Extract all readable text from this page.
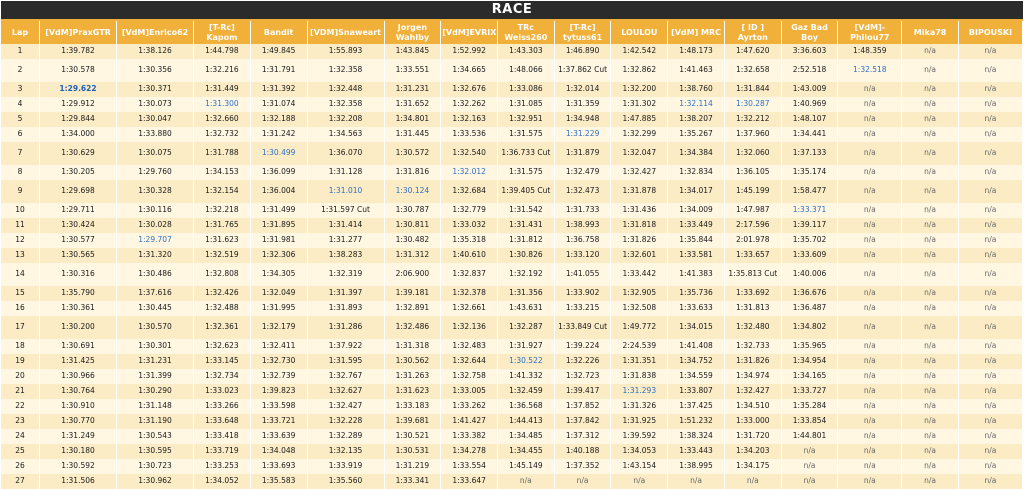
RACE
Lap	[VdM]PraxGTR	[VdM]Enrico62	[T-Rc] Kapom	Bandit	[VDM]Snaweart	Jorgen Wahlby	[VdM]EVRIX	TRc Weiss260	[T-Rc] tytuss61	LOULOU	[VdM] MRC	[ ID ] Ayrton	Gaz Bad Boy	[VdM]- Philou77	Mika78	BIPOUSKI
1	1:39.782	1:38.126	1:44.798	1:49.845	1:55.893	1:43.845	1:52.992	1:43.303	1:46.890	1:42.542	1:48.173	1:47.620	3:36.603	1:48.359	n/a	n/a
2	1:30.578	1:30.356	1:32.216	1:31.791	1:32.358	1:33.551	1:34.665	1:48.066	1:37.862 Cut	1:32.862	1:41.463	1:32.658	2:52.518	1:32.518	n/a	n/a
3	1:29.622	1:30.371	1:31.449	1:31.392	1:32.448	1:31.231	1:32.676	1:33.086	1:32.014	1:32.200	1:38.760	1:31.844	1:43.009	n/a	n/a	n/a
4	1:29.912	1:30.073	1:31.300	1:31.074	1:32.358	1:31.652	1:32.262	1:31.085	1:31.359	1:31.302	1:32.114	1:30.287	1:40.969	n/a	n/a	n/a
5	1:29.844	1:30.047	1:32.660	1:32.188	1:32.208	1:34.801	1:32.163	1:32.951	1:34.948	1:47.885	1:38.207	1:32.212	1:48.107	n/a	n/a	n/a
6	1:34.000	1:33.880	1:32.732	1:31.242	1:34.563	1:31.445	1:33.536	1:31.575	1:31.229	1:32.299	1:35.267	1:37.960	1:34.441	n/a	n/a	n/a
7	1:30.629	1:30.075	1:31.788	1:30.499	1:36.070	1:30.572	1:32.540	1:36.733 Cut	1:31.879	1:32.047	1:34.384	1:32.060	1:37.133	n/a	n/a	n/a
8	1:30.205	1:29.760	1:34.153	1:36.099	1:31.128	1:31.816	1:32.012	1:31.575	1:32.479	1:32.427	1:32.834	1:36.105	1:35.174	n/a	n/a	n/a
9	1:29.698	1:30.328	1:32.154	1:36.004	1:31.010	1:30.124	1:32.684	1:39.405 Cut	1:32.473	1:31.878	1:34.017	1:45.199	1:58.477	n/a	n/a	n/a
10	1:29.711	1:30.116	1:32.218	1:31.499	1:31.597 Cut	1:30.787	1:32.779	1:31.542	1:31.733	1:31.436	1:34.009	1:47.987	1:33.371	n/a	n/a	n/a
11	1:30.424	1:30.028	1:31.765	1:31.895	1:31.414	1:30.811	1:33.032	1:31.431	1:38.993	1:31.818	1:33.449	2:17.596	1:39.117	n/a	n/a	n/a
12	1:30.577	1:29.707	1:31.623	1:31.981	1:31.277	1:30.482	1:35.318	1:31.812	1:36.758	1:31.826	1:35.844	2:01.978	1:35.702	n/a	n/a	n/a
13	1:30.565	1:31.320	1:32.519	1:32.306	1:38.283	1:31.312	1:40.610	1:30.826	1:33.120	1:32.601	1:33.581	1:33.657	1:33.609	n/a	n/a	n/a
14	1:30.316	1:30.486	1:32.808	1:34.305	1:32.319	2:06.900	1:32.837	1:32.192	1:41.055	1:33.442	1:41.383	1:35.813 Cut	1:40.006	n/a	n/a	n/a
15	1:35.790	1:37.616	1:32.426	1:32.049	1:31.397	1:39.181	1:32.378	1:31.356	1:33.902	1:32.905	1:35.736	1:33.692	1:36.676	n/a	n/a	n/a
16	1:30.361	1:30.445	1:32.488	1:31.995	1:31.893	1:32.891	1:32.661	1:43.631	1:33.215	1:32.508	1:33.633	1:31.813	1:36.487	n/a	n/a	n/a
17	1:30.200	1:30.570	1:32.361	1:32.179	1:31.286	1:32.486	1:32.136	1:32.287	1:33.849 Cut	1:49.772	1:34.015	1:32.480	1:34.802	n/a	n/a	n/a
18	1:30.691	1:30.301	1:32.623	1:32.411	1:37.922	1:31.318	1:32.483	1:31.927	1:39.224	2:24.539	1:41.408	1:32.733	1:35.965	n/a	n/a	n/a
19	1:31.425	1:31.231	1:33.145	1:32.730	1:31.595	1:30.562	1:32.644	1:30.522	1:32.226	1:31.351	1:34.752	1:31.826	1:34.954	n/a	n/a	n/a
20	1:30.966	1:31.399	1:32.734	1:32.739	1:32.767	1:31.263	1:32.758	1:41.332	1:32.723	1:31.838	1:34.559	1:34.974	1:34.165	n/a	n/a	n/a
21	1:30.764	1:30.290	1:33.023	1:39.823	1:32.627	1:31.623	1:33.005	1:32.459	1:39.417	1:31.293	1:33.807	1:32.427	1:33.727	n/a	n/a	n/a
22	1:30.910	1:31.148	1:33.266	1:33.598	1:32.427	1:33.183	1:33.262	1:36.568	1:37.852	1:31.326	1:37.425	1:34.510	1:35.284	n/a	n/a	n/a
23	1:30.770	1:31.190	1:33.648	1:33.721	1:32.228	1:39.681	1:41.427	1:44.413	1:37.842	1:31.925	1:51.232	1:33.000	1:33.854	n/a	n/a	n/a
24	1:31.249	1:30.543	1:33.418	1:33.639	1:32.289	1:30.521	1:33.382	1:34.485	1:37.312	1:39.592	1:38.324	1:31.720	1:44.801	n/a	n/a	n/a
25	1:30.180	1:30.595	1:33.719	1:34.048	1:32.135	1:30.531	1:34.278	1:34.455	1:40.188	1:34.053	1:33.443	1:34.203	n/a	n/a	n/a	n/a
26	1:30.592	1:30.723	1:33.253	1:33.693	1:33.919	1:31.219	1:33.554	1:45.149	1:37.352	1:43.154	1:38.995	1:34.175	n/a	n/a	n/a	n/a
27	1:31.506	1:30.962	1:34.052	1:35.583	1:35.560	1:33.341	1:33.647	n/a	n/a	n/a	n/a	n/a	n/a	n/a	n/a	n/a
